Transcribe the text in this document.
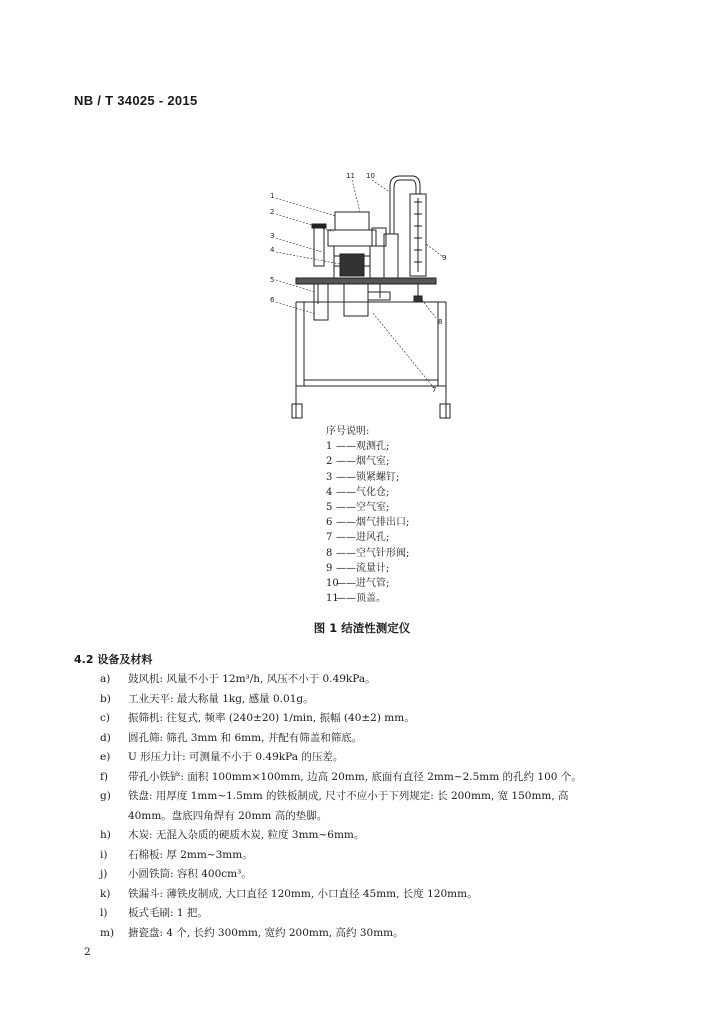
NB / T 34025 - 2015
1
2
3
4
5
6
7
8
9
10
11
序号说明:
1 ——观测孔;
2 ——烟气室;
3 ——锁紧螺钉;
4 ——气化仓;
5 ——空气室;
6 ——烟气排出口;
7 ——进风孔;
8 ——空气针形阀;
9 ——流量计;
10——进气管;
11——顶盖。
图 1 结渣性测定仪
4.2 设备及材料
a)	鼓风机: 风量不小于 12m³/h, 风压不小于 0.49kPa。
b)	工业天平: 最大称量 1kg, 感量 0.01g。
c)	振筛机: 往复式, 频率 (240±20) 1/min, 振幅 (40±2) mm。
d)	圆孔筛: 筛孔 3mm 和 6mm, 并配有筛盖和筛底。
e)	U 形压力计: 可测量不小于 0.49kPa 的压差。
f)	带孔小铁铲: 面积 100mm×100mm, 边高 20mm, 底面有直径 2mm~2.5mm 的孔约 100 个。
g)	铁盘: 用厚度 1mm~1.5mm 的铁板制成, 尺寸不应小于下列规定: 长 200mm, 宽 150mm, 高
40mm。盘底四角焊有 20mm 高的垫脚。
h)	木炭: 无混入杂质的硬质木炭, 粒度 3mm~6mm。
i)	石棉板: 厚 2mm~3mm。
j)	小圆铁筒: 容积 400cm³。
k)	铁漏斗: 薄铁皮制成, 大口直径 120mm, 小口直径 45mm, 长度 120mm。
l)	板式毛刷: 1 把。
m)	搪瓷盘: 4 个, 长约 300mm, 宽约 200mm, 高约 30mm。
2
